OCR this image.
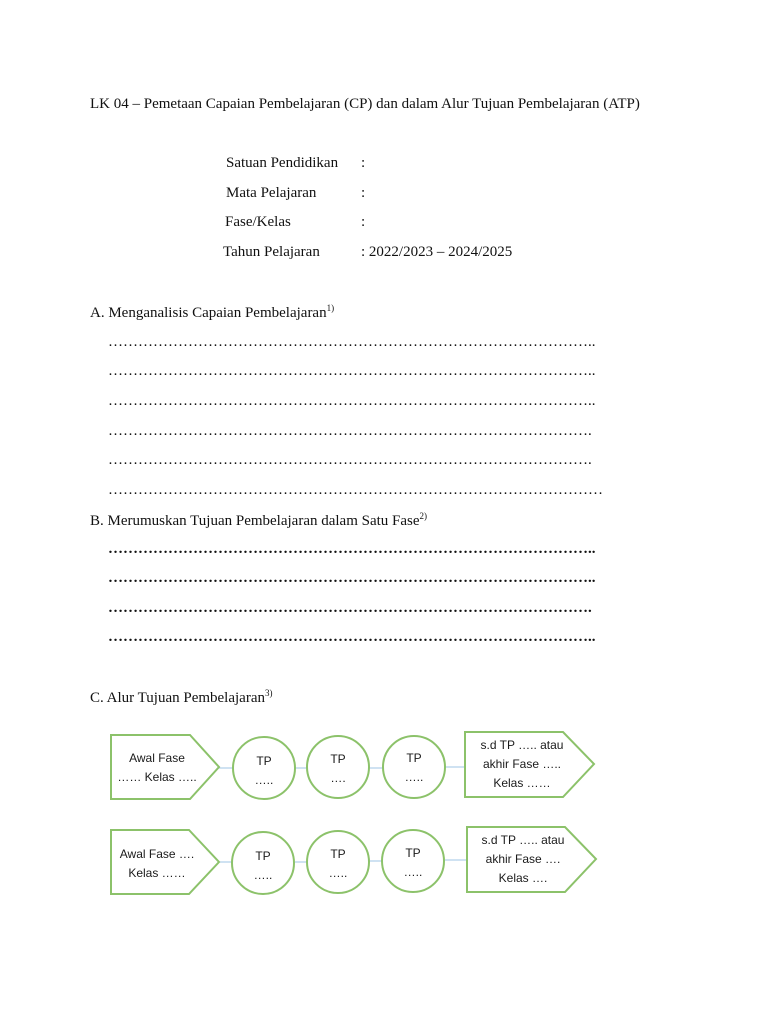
LK 04 – Pemetaan Capaian Pembelajaran (CP) dan dalam Alur Tujuan Pembelajaran (ATP)
Satuan Pendidikan :
Mata Pelajaran	:
Fase/Kelas	:
Tahun Pelajaran	: 2022/2023 – 2024/2025
A. Menganalisis Capaian Pembelajaran$^{1)}$
……………………………………………………………………………………..
……………………………………………………………………………………..
……………………………………………………………………………………..
…………………………………………………………………………………….
…………………………………………………………………………………….
………………………………………………………………………………………
B. Merumuskan Tujuan Pembelajaran dalam Satu Fase$^{2)}$
……………………………………………………………………………………..
……………………………………………………………………………………..
…………………………………………………………………………………….
……………………………………………………………………………………..
C. Alur Tujuan Pembelajaran$^{3)}$
Awal Fase
…… Kelas …..
TP
…..
TP
….
TP
…..
s.d TP ….. atau
akhir Fase …..
Kelas ……
Awal Fase ….
Kelas ……
TP
…..
TP
…..
TP
…..
s.d TP ….. atau
akhir Fase ….
Kelas ….
